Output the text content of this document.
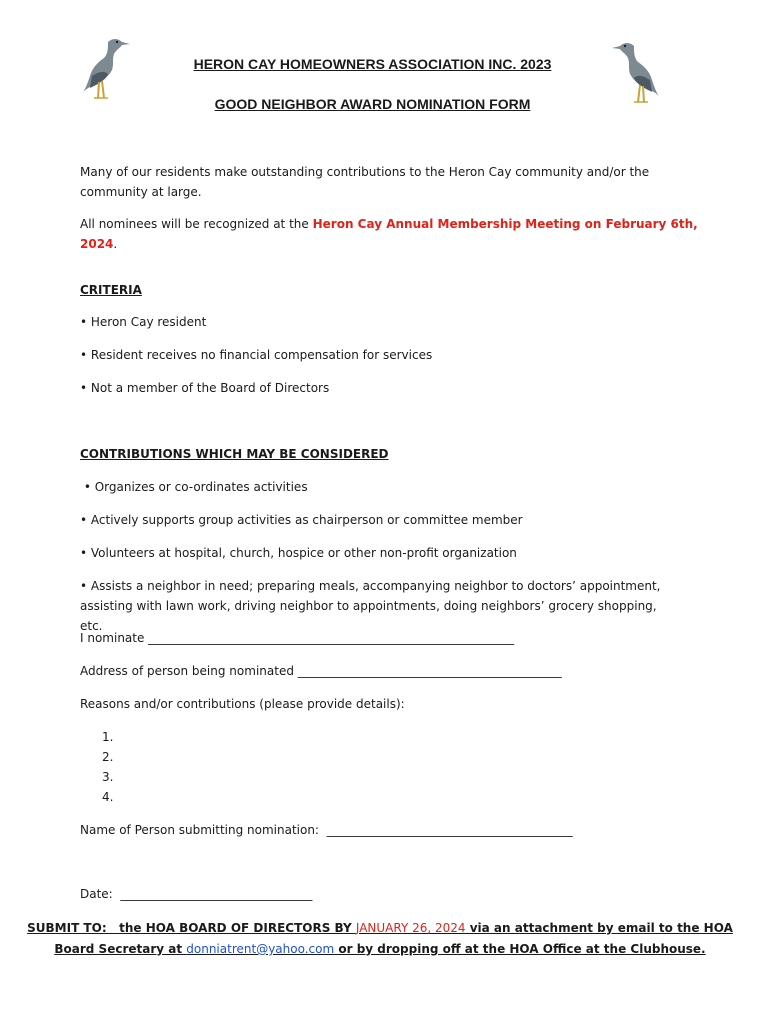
HERON CAY HOMEOWNERS ASSOCIATION INC. 2023
GOOD NEIGHBOR AWARD NOMINATION FORM
Many of our residents make outstanding contributions to the Heron Cay community and/or the community at large.
All nominees will be recognized at the Heron Cay Annual Membership Meeting on February 6th, 2024.
CRITERIA
• Heron Cay resident
• Resident receives no financial compensation for services
• Not a member of the Board of Directors
CONTRIBUTIONS WHICH MAY BE CONSIDERED
• Organizes or co-ordinates activities
• Actively supports group activities as chairperson or committee member
• Volunteers at hospital, church, hospice or other non-profit organization
• Assists a neighbor in need; preparing meals, accompanying neighbor to doctors’ appointment, assisting with lawn work, driving neighbor to appointments, doing neighbors’ grocery shopping, etc.
I nominate _____________________________________________________________
Address of person being nominated ____________________________________________
Reasons and/or contributions (please provide details):
1.
2.
3.
4.
Name of Person submitting nomination:  _________________________________________
Date:  ________________________________
SUBMIT TO:   the HOA BOARD OF DIRECTORS BY JANUARY 26, 2024 via an attachment by email to the HOA
Board Secretary at donniatrent@yahoo.com or by dropping off at the HOA Office at the Clubhouse.
